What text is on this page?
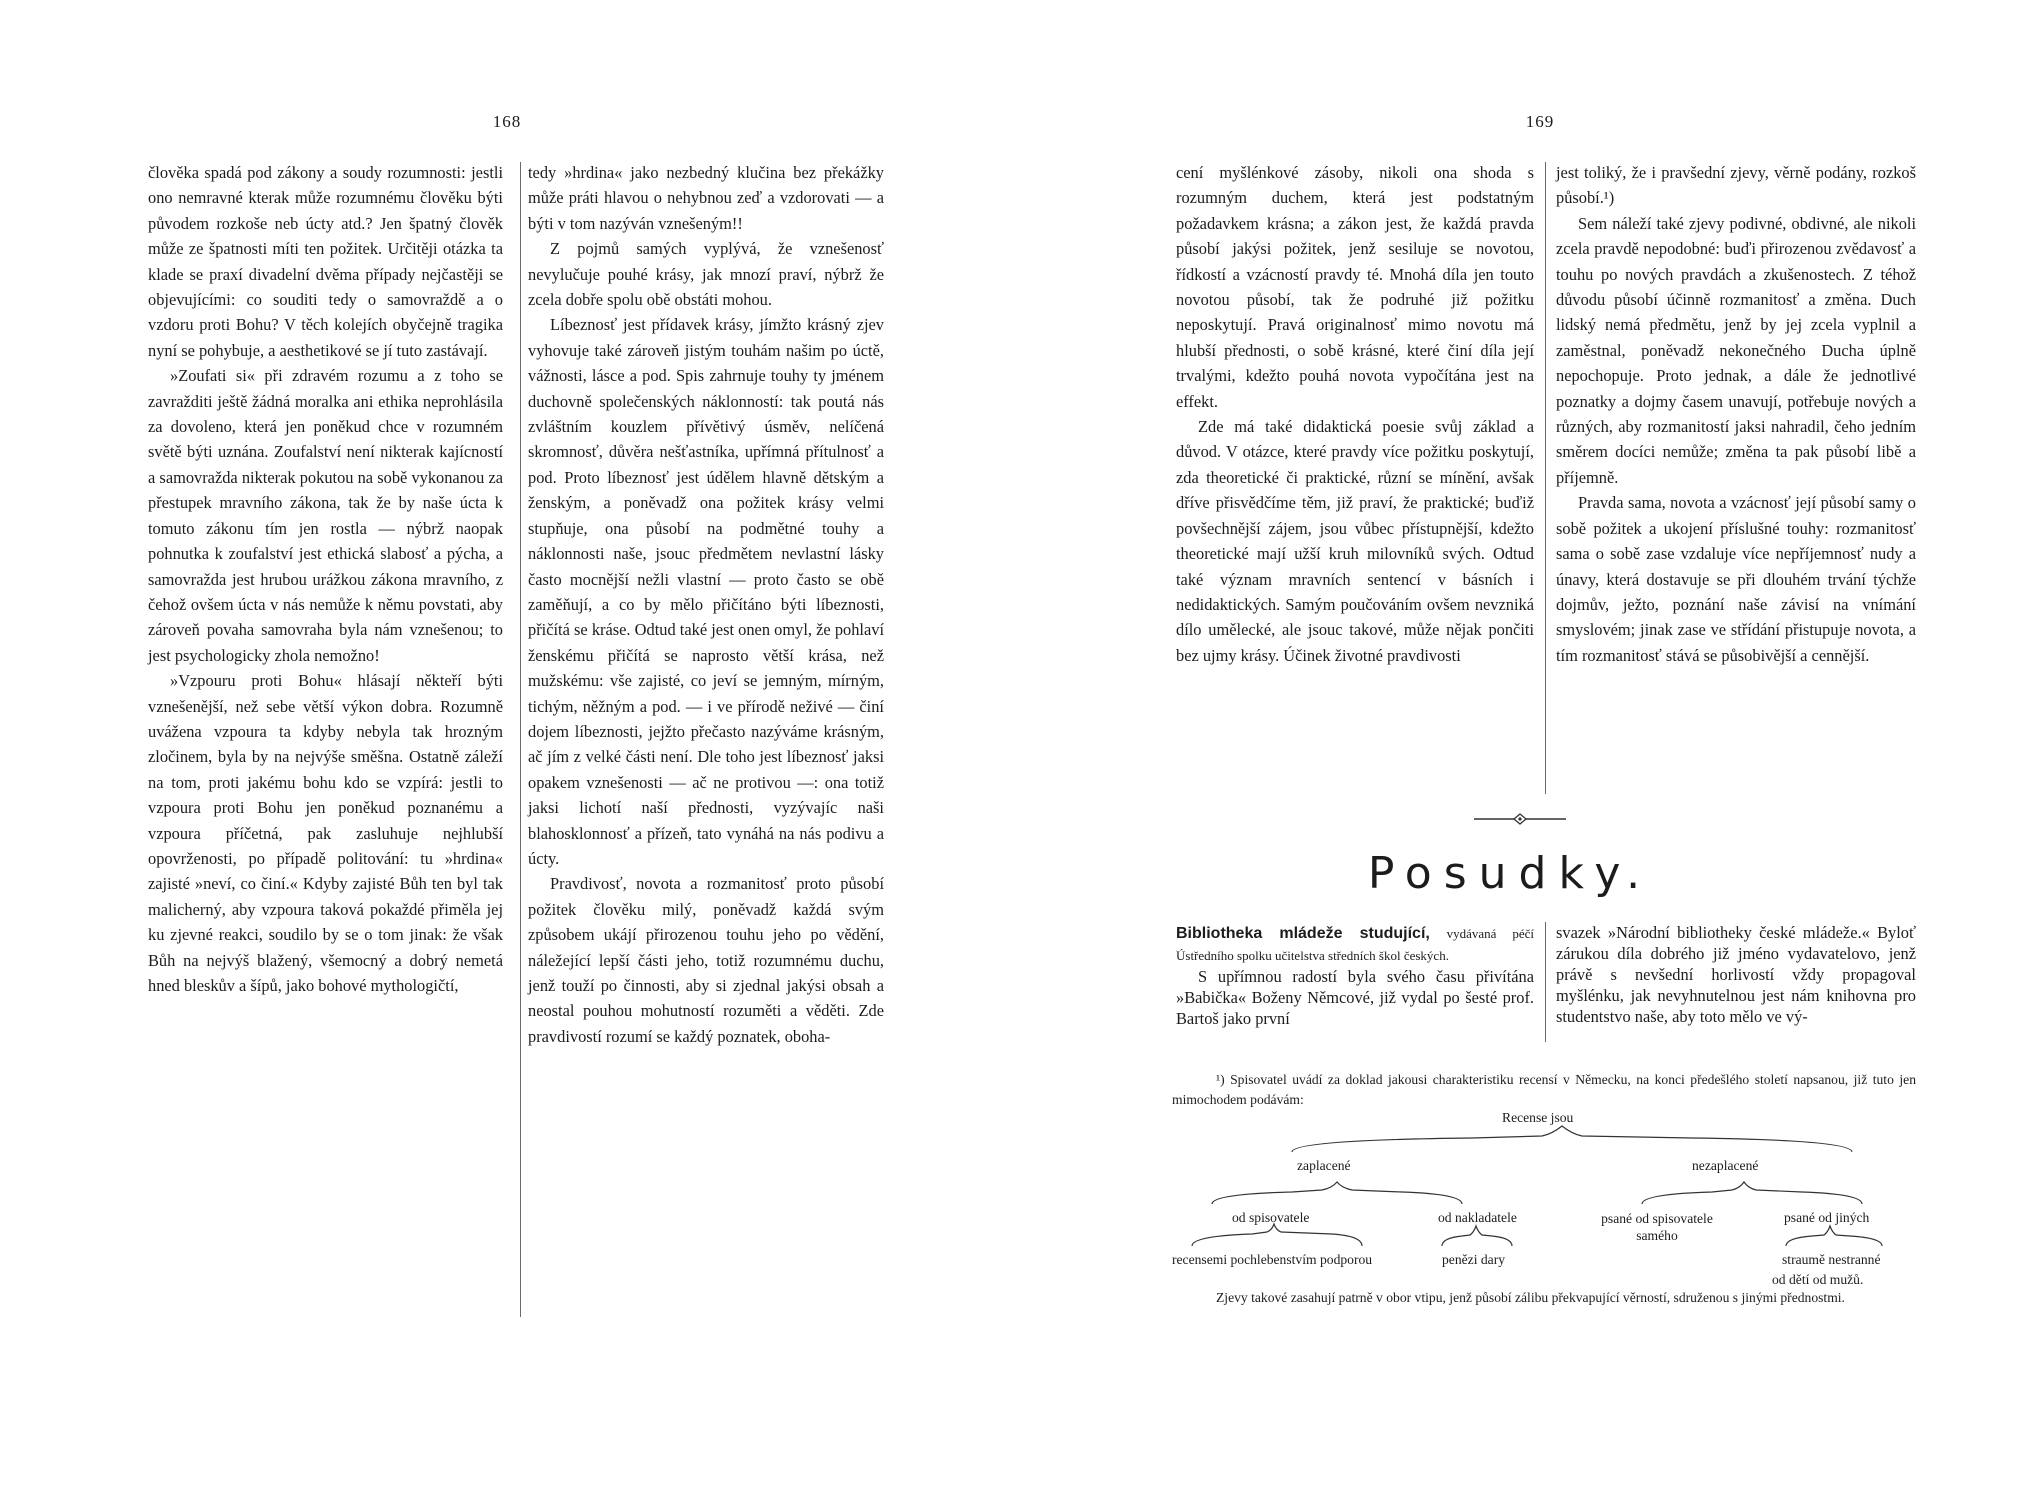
168

člověka spadá pod zákony a soudy rozumnosti: jestli ono nemravné kterak může rozumnému člověku býti původem rozkoše neb úcty atd.? Jen špatný člověk může ze špatnosti míti ten požitek. Určitěji otázka ta klade se praxí divadelní dvěma případy nejčastěji se objevujícími: co souditi tedy o samovraždě a o vzdoru proti Bohu? V těch kolejích obyčejně tragika nyní se pohybuje, a aesthetikové se jí tuto zastávají.

»Zoufati si« při zdravém rozumu a z toho se zavražditi ještě žádná moralka ani ethika neprohlásila za dovoleno, která jen poněkud chce v rozumném světě býti uznána. Zoufalství není nikterak kajícností a samovražda nikterak pokutou na sobě vykonanou za přestupek mravního zákona, tak že by naše úcta k tomuto zákonu tím jen rostla — nýbrž naopak pohnutka k zoufalství jest ethická slabosť a pýcha, a samovražda jest hrubou urážkou zákona mravního, z čehož ovšem úcta v nás nemůže k němu povstati, aby zároveň povaha samovraha byla nám vznešenou; to jest psychologicky zhola nemožno!

»Vzpouru proti Bohu« hlásají někteří býti vznešenější, než sebe větší výkon dobra. Rozumně uvážena vzpoura ta kdyby nebyla tak hrozným zločinem, byla by na nejvýše směšna. Ostatně záleží na tom, proti jakému bohu kdo se vzpírá: jestli to vzpoura proti Bohu jen poněkud poznanému a vzpoura příčetná, pak zasluhuje nejhlubší opovrženosti, po případě politování: tu »hrdina« zajisté »neví, co činí.« Kdyby zajisté Bůh ten byl tak malicherný, aby vzpoura taková pokaždé přiměla jej ku zjevné reakci, soudilo by se o tom jinak: že však Bůh na nejvýš blažený, všemocný a dobrý nemetá hned bleskův a šípů, jako bohové mythologičtí,

tedy »hrdina« jako nezbedný klučina bez překážky může práti hlavou o nehybnou zeď a vzdorovati — a býti v tom nazýván vznešeným!!

Z pojmů samých vyplývá, že vznešenosť nevylučuje pouhé krásy, jak mnozí praví, nýbrž že zcela dobře spolu obě obstáti mohou.

Líbeznosť jest přídavek krásy, jímžto krásný zjev vyhovuje také zároveň jistým touhám našim po úctě, vážnosti, lásce a pod. Spis zahrnuje touhy ty jménem duchovně společenských náklonností: tak poutá nás zvláštním kouzlem přívětivý úsměv, nelíčená skromnosť, důvěra nešťastníka, upřímná přítulnosť a pod. Proto líbeznosť jest údělem hlavně dětským a ženským, a poněvadž ona požitek krásy velmi stupňuje, ona působí na podmětné touhy a náklonnosti naše, jsouc předmětem nevlastní lásky často mocnější nežli vlastní — proto často se obě zaměňují, a co by mělo přičítáno býti líbeznosti, přičítá se kráse. Odtud také jest onen omyl, že pohlaví ženskému přičítá se naprosto větší krása, než mužskému: vše zajisté, co jeví se jemným, mírným, tichým, něžným a pod. — i ve přírodě neživé — činí dojem líbeznosti, jejžto přečasto nazýváme krásným, ač jím z velké části není. Dle toho jest líbeznosť jaksi opakem vznešenosti — ač ne protivou —: ona totiž jaksi lichotí naší přednosti, vyzývajíc naši blahosklonnosť a přízeň, tato vynáhá na nás podivu a úcty.

Pravdivosť, novota a rozmanitosť proto působí požitek člověku milý, poněvadž každá svým způsobem ukájí přirozenou touhu jeho po vědění, náležející lepší části jeho, totiž rozumnému duchu, jenž touží po činnosti, aby si zjednal jakýsi obsah a neostal pouhou mohutností rozuměti a věděti. Zde pravdivostí rozumí se každý poznatek, oboha-

169

cení myšlénkové zásoby, nikoli ona shoda s rozumným duchem, která jest podstatným požadavkem krásna; a zákon jest, že každá pravda působí jakýsi požitek, jenž sesiluje se novotou, řídkostí a vzácností pravdy té. Mnohá díla jen touto novotou působí, tak že podruhé již požitku neposkytují. Pravá originalnosť mimo novotu má hlubší přednosti, o sobě krásné, které činí díla její trvalými, kdežto pouhá novota vypočítána jest na effekt.

Zde má také didaktická poesie svůj základ a důvod. V otázce, které pravdy více požitku poskytují, zda theoretické či praktické, různí se mínění, avšak dříve přisvědčíme těm, již praví, že praktické; buďiž povšechnější zájem, jsou vůbec přístupnější, kdežto theoretické mají užší kruh milovníků svých. Odtud také význam mravních sentencí v básních i nedidaktických. Samým poučováním ovšem nevzniká dílo umělecké, ale jsouc takové, může nějak pončiti bez ujmy krásy. Účinek životné pravdivosti

jest toliký, že i pravšední zjevy, věrně podány, rozkoš působí.¹)

Sem náleží také zjevy podivné, obdivné, ale nikoli zcela pravdě nepodobné: buďi přirozenou zvědavosť a touhu po nových pravdách a zkušenostech. Z téhož důvodu působí účinně rozmanitosť a změna. Duch lidský nemá předmětu, jenž by jej zcela vyplnil a zaměstnal, poněvadž nekonečného Ducha úplně nepochopuje. Proto jednak, a dále že jednotlivé poznatky a dojmy časem unavují, potřebuje nových a různých, aby rozmanitostí jaksi nahradil, čeho jedním směrem docíci nemůže; změna ta pak působí libě a příjemně.

Pravda sama, novota a vzácnosť její působí samy o sobě požitek a ukojení příslušné touhy: rozmanitosť sama o sobě zase vzdaluje více nepříjemnosť nudy a únavy, která dostavuje se při dlouhém trvání týchže dojmův, ježto, poznání naše závisí na vnímání smyslovém; jinak zase ve střídání přistupuje novota, a tím rozmanitosť stává se působivější a cennější.

Posudky.

Bibliotheka mládeže studující, vydávaná péčí Ústředního spolku učitelstva středních škol českých.

S upřímnou radostí byla svého času přivítána »Babička« Boženy Němcové, již vydal po šesté prof. Bartoš jako první

svazek »Národní bibliotheky české mládeže.« Byloť zárukou díla dobrého již jméno vydavatelovo, jenž právě s nevšední horlivostí vždy propagoval myšlénku, jak nevyhnutelnou jest nám knihovna pro studentstvo naše, aby toto mělo ve vý-

¹) Spisovatel uvádí za doklad jakousi charakteristiku recensí v Německu, na konci předešlého století napsanou, již tuto jen mimochodem podávám:

Recense jsou
zaplacené	nezaplacené
od spisovatele	od nakladatele	psané od spisovatele samého
psané od jiných
recensemi pochlebenstvím podporou	penězi dary	straumě nestranné
od dětí od mužů.

Zjevy takové zasahují patrně v obor vtipu, jenž působí zálibu překvapující věrností, sdruženou s jinými přednostmi.
